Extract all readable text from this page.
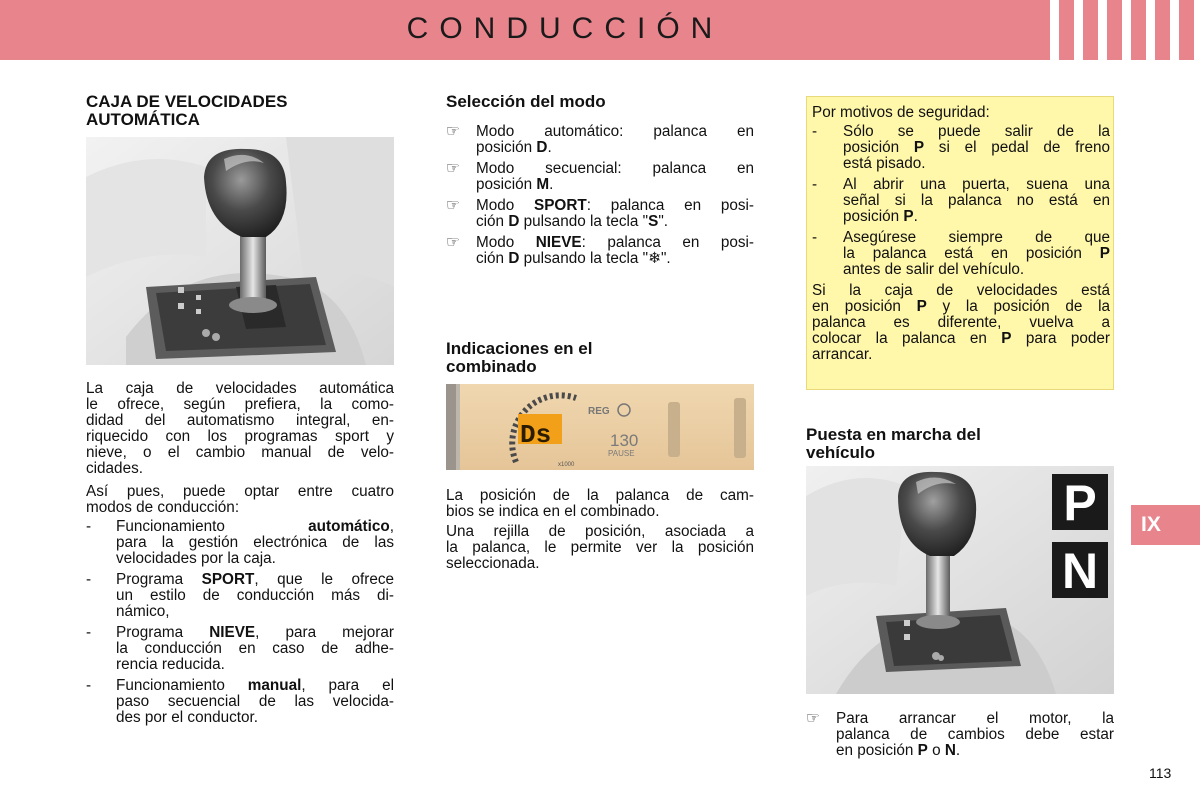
CONDUCCIÓN
IX
CAJA DE VELOCIDADES
AUTOMÁTICA
La caja de velocidades automática
le ofrece, según prefiera, la como-
didad del automatismo integral, en-
riquecido con los programas sport y
nieve, o el cambio manual de velo-
cidades.
Así pues, puede optar entre cuatro
modos de conducción:
- Funcionamiento automático,
para la gestión electrónica de las
velocidades por la caja.
- Programa SPORT, que le ofrece
un estilo de conducción más di-
námico,
- Programa NIEVE, para mejorar
la conducción en caso de adhe-
rencia reducida.
- Funcionamiento manual, para el
paso secuencial de las velocida-
des por el conductor.
Selección del modo
☞ Modo automático: palanca en
posición D.
☞ Modo secuencial: palanca en
posición M.
☞ Modo SPORT: palanca en posi-
ción D pulsando la tecla "S".
☞ Modo NIEVE: palanca en posi-
ción D pulsando la tecla "❄".
Indicaciones en el
combinado
Ds
REG
130
PAUSE
x1000
La posición de la palanca de cam-
bios se indica en el combinado.
Una rejilla de posición, asociada a
la palanca, le permite ver la posición
seleccionada.
Por motivos de seguridad:
- Sólo se puede salir de la
posición P si el pedal de freno
está pisado.
- Al abrir una puerta, suena una
señal si la palanca no está en
posición P.
- Asegúrese siempre de que
la palanca está en posición P
antes de salir del vehículo.
Si la caja de velocidades está
en posición P y la posición de la
palanca es diferente, vuelva a
colocar la palanca en P para poder
arrancar.
Puesta en marcha del
vehículo
P
N
☞ Para arrancar el motor, la
palanca de cambios debe estar
en posición P o N.
113
